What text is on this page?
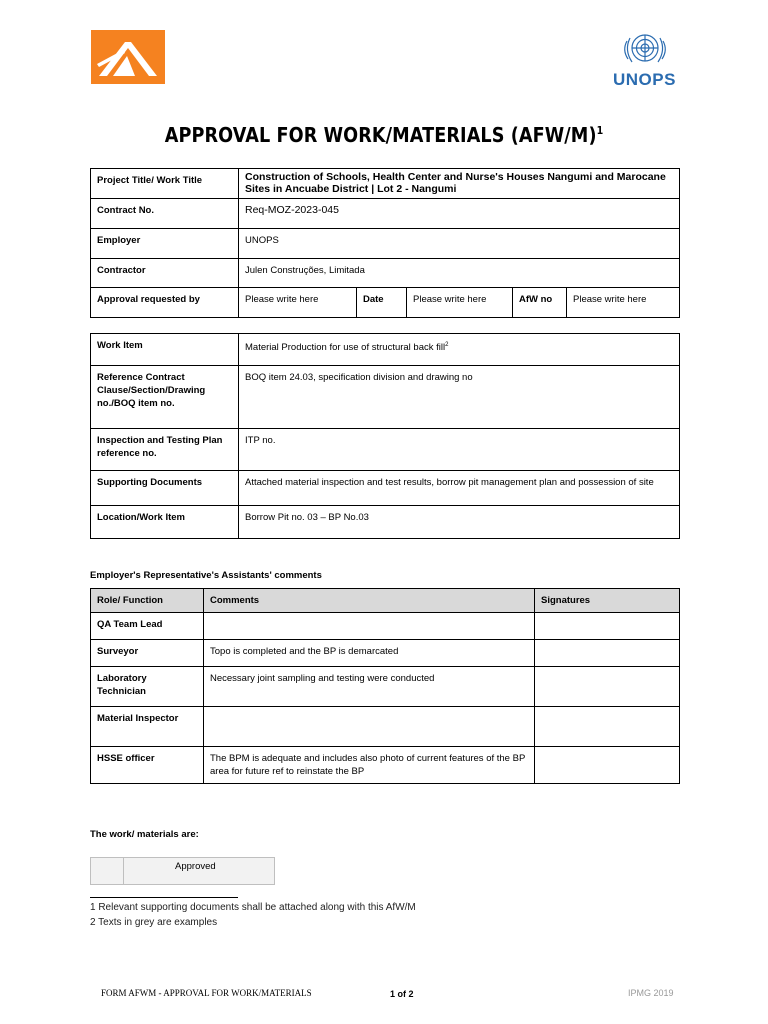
UNOPS
APPROVAL FOR WORK/MATERIALS $(AFW/M)^1$
Project Title/ Work Title	Construction of Schools, Health Center and Nurse's Houses Nangumi and Marocane Sites in Ancuabe District | Lot 2 - Nangumi				
Contract No.	Req-MOZ-2023-045				
Employer	UNOPS				
Contractor	Julen Construções, Limitada				
Approval requested by	Please write here	Date	Please write here	AfW no	Please write here
Work Item	Material Production for use of structural back fill$^2$
Reference Contract Clause/Section/Drawing no./BOQ item no.	BOQ item 24.03, specification division and drawing no
Inspection and Testing Plan reference no.	ITP no.
Supporting Documents	Attached material inspection and test results, borrow pit management plan and possession of site
Location/Work Item	Borrow Pit no. 03 – BP No.03
Employer's Representative's Assistants' comments
Role/ Function	Comments	Signatures
QA Team Lead		
Surveyor	Topo is completed and the BP is demarcated	
Laboratory Technician	Necessary joint sampling and testing were conducted	
Material Inspector		
HSSE officer	The BPM is adequate and includes also photo of current features of the BP area for future ref to reinstate the BP	
The work/ materials are:
Approved
1 Relevant supporting documents shall be attached along with this AfW/M
2 Texts in grey are examples
FORM AFWM - APPROVAL FOR WORK/MATERIALS	1 of 2	IPMG 2019
